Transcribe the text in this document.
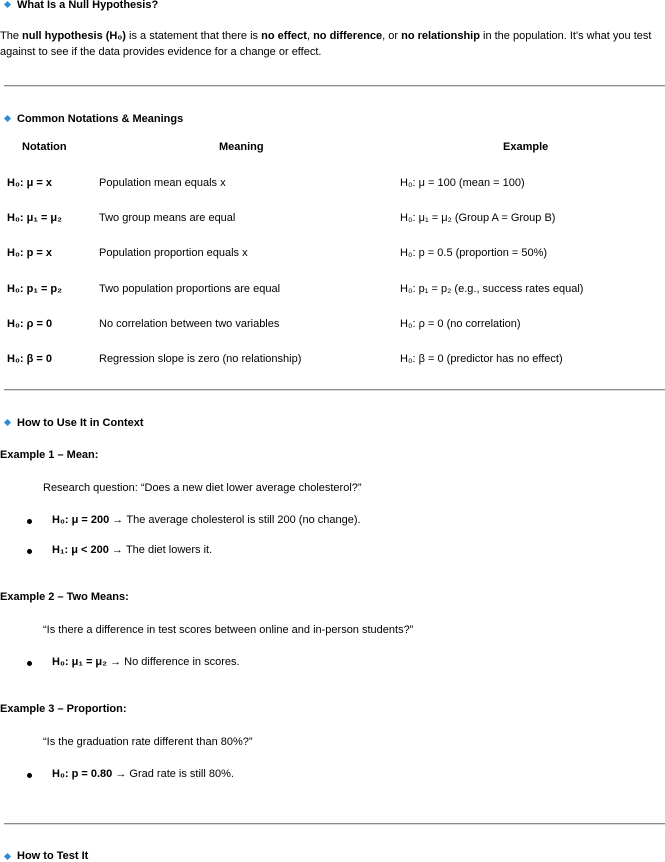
What Is a Null Hypothesis?
The null hypothesis (H₀) is a statement that there is no effect, no difference, or no relationship in the population. It's what you test against to see if the data provides evidence for a change or effect.
Common Notations & Meanings
Notation	Meaning	Example
H₀: μ = x	Population mean equals x	H₀: μ = 100 (mean = 100)
H₀: μ₁ = μ₂	Two group means are equal	H₀: μ₁ = μ₂ (Group A = Group B)
H₀: p = x	Population proportion equals x	H₀: p = 0.5 (proportion = 50%)
H₀: p₁ = p₂	Two population proportions are equal	H₀: p₁ = p₂ (e.g., success rates equal)
H₀: ρ = 0	No correlation between two variables	H₀: ρ = 0 (no correlation)
H₀: β = 0	Regression slope is zero (no relationship)	H₀: β = 0 (predictor has no effect)
How to Use It in Context
Example 1 – Mean:
Research question: “Does a new diet lower average cholesterol?”
H₀: μ = 200 → The average cholesterol is still 200 (no change).
H₁: μ < 200 → The diet lowers it.
Example 2 – Two Means:
“Is there a difference in test scores between online and in-person students?”
H₀: μ₁ = μ₂ → No difference in scores.
Example 3 – Proportion:
“Is the graduation rate different than 80%?”
H₀: p = 0.80 → Grad rate is still 80%.
How to Test It
